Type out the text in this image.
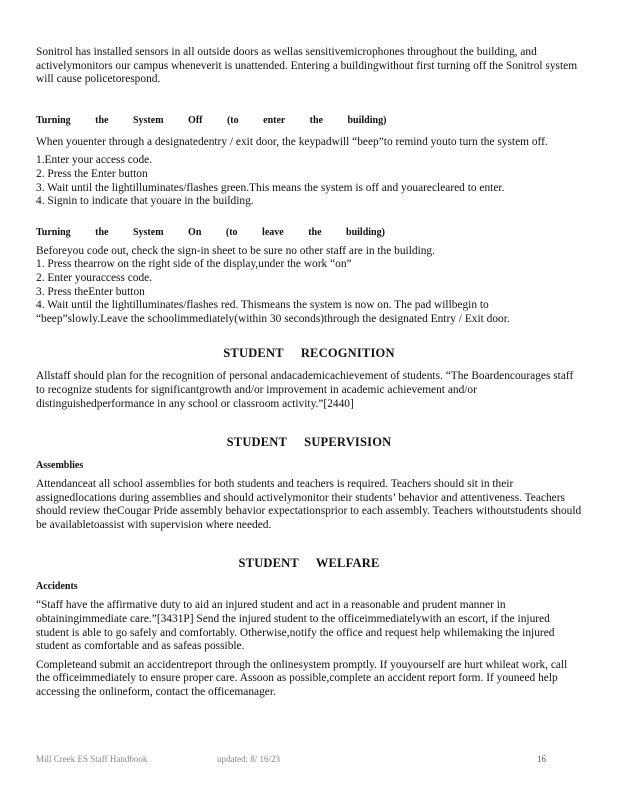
Sonitrol has installed sensors in all outside doors as wellas sensitivemicrophones throughout the building, and activelymonitors our campus wheneverit is unattended. Entering a buildingwithout first turning off the Sonitrol system will cause policetorespond.

Turning the System Off (to enter the building)

When youenter through a designatedentry / exit door, the keypadwill “beep”to remind youto turn the system off.

1.Enter your access code.

2. Press the Enter button

3. Wait until the lightilluminates/flashes green.This means the system is off and youarecleared to enter.

4. Signin to indicate that youare in the building.

Turning the System On (to leave the building)

Beforeyou code out, check the sign-in sheet to be sure no other staff are in the building.

1. Press thearrow on the right side of the display,under the work “on”

2. Enter youraccess code.

3. Press theEnter button

4. Wait until the lightilluminates/flashes red. Thismeans the system is now on. The pad willbegin to “beep”slowly.Leave the schoolimmediately(within 30 seconds)through the designated Entry / Exit door.

STUDENT RECOGNITION

Allstaff should plan for the recognition of personal andacademicachievement of students. “The Boardencourages staff to recognize students for significantgrowth and/or improvement in academic achievement and/or distinguishedperformance in any school or classroom activity.”[2440]

STUDENT SUPERVISION
Assemblies

Attendanceat all school assemblies for both students and teachers is required. Teachers should sit in their assignedlocations during assemblies and should activelymonitor their students’ behavior and attentiveness. Teachers should review theCougar Pride assembly behavior expectationsprior to each assembly. Teachers withoutstudents should be availabletoassist with supervision where needed.

STUDENT WELFARE
Accidents

“Staff have the affirmative duty to aid an injured student and act in a reasonable and prudent manner in obtainingimmediate care.”[3431P] Send the injured student to the officeimmediatelywith an escort, if the injured student is able to go safely and comfortably. Otherwise,notify the office and request help whilemaking the injured student as comfortable and as safeas possible.

Completeand submit an accidentreport through the onlinesystem promptly. If youyourself are hurt whileat work, call the officeimmediately to ensure proper care. Assoon as possible,complete an accident report form. If youneed help accessing the onlineform, contact the officemanager.

Mill Creek ES Staff Handbook	updated: 8/ 16/23	16
